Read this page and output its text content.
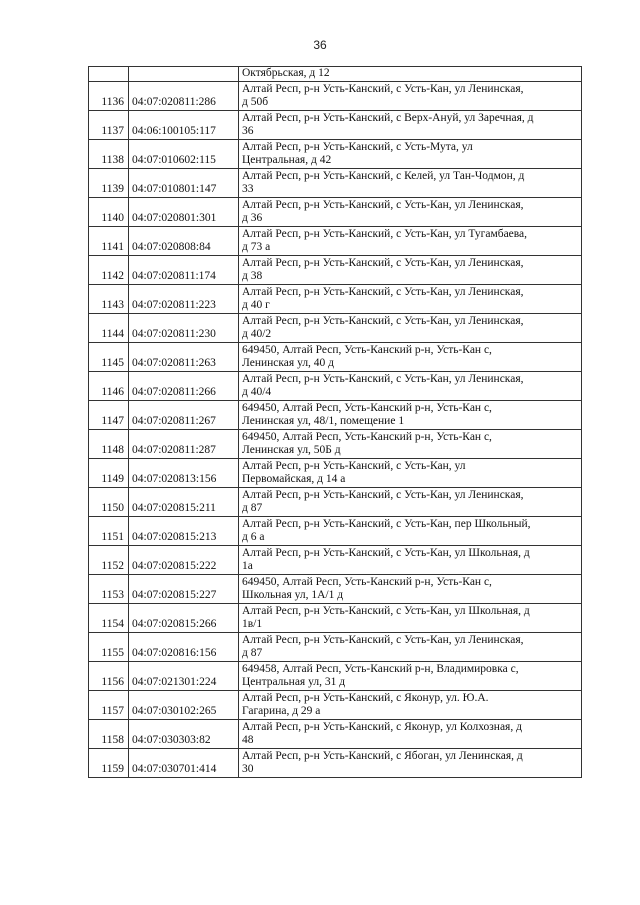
36

		Октябрьская, д 12

1136	04:07:020811:286	Алтай Респ, р-н Усть-Канский, с Усть-Кан, ул Ленинская,
д 50б

1137	04:06:100105:117	Алтай Респ, р-н Усть-Канский, с Верх-Ануй, ул Заречная, д
36

1138	04:07:010602:115	Алтай Респ, р-н Усть-Канский, с Усть-Мута, ул
Центральная, д 42

1139	04:07:010801:147	Алтай Респ, р-н Усть-Канский, с Келей, ул Тан-Чодмон, д
33

1140	04:07:020801:301	Алтай Респ, р-н Усть-Канский, с Усть-Кан, ул Ленинская,
д 36

1141	04:07:020808:84	Алтай Респ, р-н Усть-Канский, с Усть-Кан, ул Тугамбаева,
д 73 а

1142	04:07:020811:174	Алтай Респ, р-н Усть-Канский, с Усть-Кан, ул Ленинская,
д 38

1143	04:07:020811:223	Алтай Респ, р-н Усть-Канский, с Усть-Кан, ул Ленинская,
д 40 г

1144	04:07:020811:230	Алтай Респ, р-н Усть-Канский, с Усть-Кан, ул Ленинская,
д 40/2

1145	04:07:020811:263	649450, Алтай Респ, Усть-Канский р-н, Усть-Кан с,
Ленинская ул, 40 д

1146	04:07:020811:266	Алтай Респ, р-н Усть-Канский, с Усть-Кан, ул Ленинская,
д 40/4

1147	04:07:020811:267	649450, Алтай Респ, Усть-Канский р-н, Усть-Кан с,
Ленинская ул, 48/1, помещение 1

1148	04:07:020811:287	649450, Алтай Респ, Усть-Канский р-н, Усть-Кан с,
Ленинская ул, 50Б д

1149	04:07:020813:156	Алтай Респ, р-н Усть-Канский, с Усть-Кан, ул
Первомайская, д 14 а

1150	04:07:020815:211	Алтай Респ, р-н Усть-Канский, с Усть-Кан, ул Ленинская,
д 87

1151	04:07:020815:213	Алтай Респ, р-н Усть-Канский, с Усть-Кан, пер Школьный,
д 6 а

1152	04:07:020815:222	Алтай Респ, р-н Усть-Канский, с Усть-Кан, ул Школьная, д
1а

1153	04:07:020815:227	649450, Алтай Респ, Усть-Канский р-н, Усть-Кан с,
Школьная ул, 1А/1 д

1154	04:07:020815:266	Алтай Респ, р-н Усть-Канский, с Усть-Кан, ул Школьная, д
1в/1

1155	04:07:020816:156	Алтай Респ, р-н Усть-Канский, с Усть-Кан, ул Ленинская,
д 87

1156	04:07:021301:224	649458, Алтай Респ, Усть-Канский р-н, Владимировка с,
Центральная ул, 31 д

1157	04:07:030102:265	Алтай Респ, р-н Усть-Канский, с Яконур, ул. Ю.А.
Гагарина, д 29 а

1158	04:07:030303:82	Алтай Респ, р-н Усть-Канский, с Яконур, ул Колхозная, д
48

1159	04:07:030701:414	Алтай Респ, р-н Усть-Канский, с Ябоган, ул Ленинская, д
30
